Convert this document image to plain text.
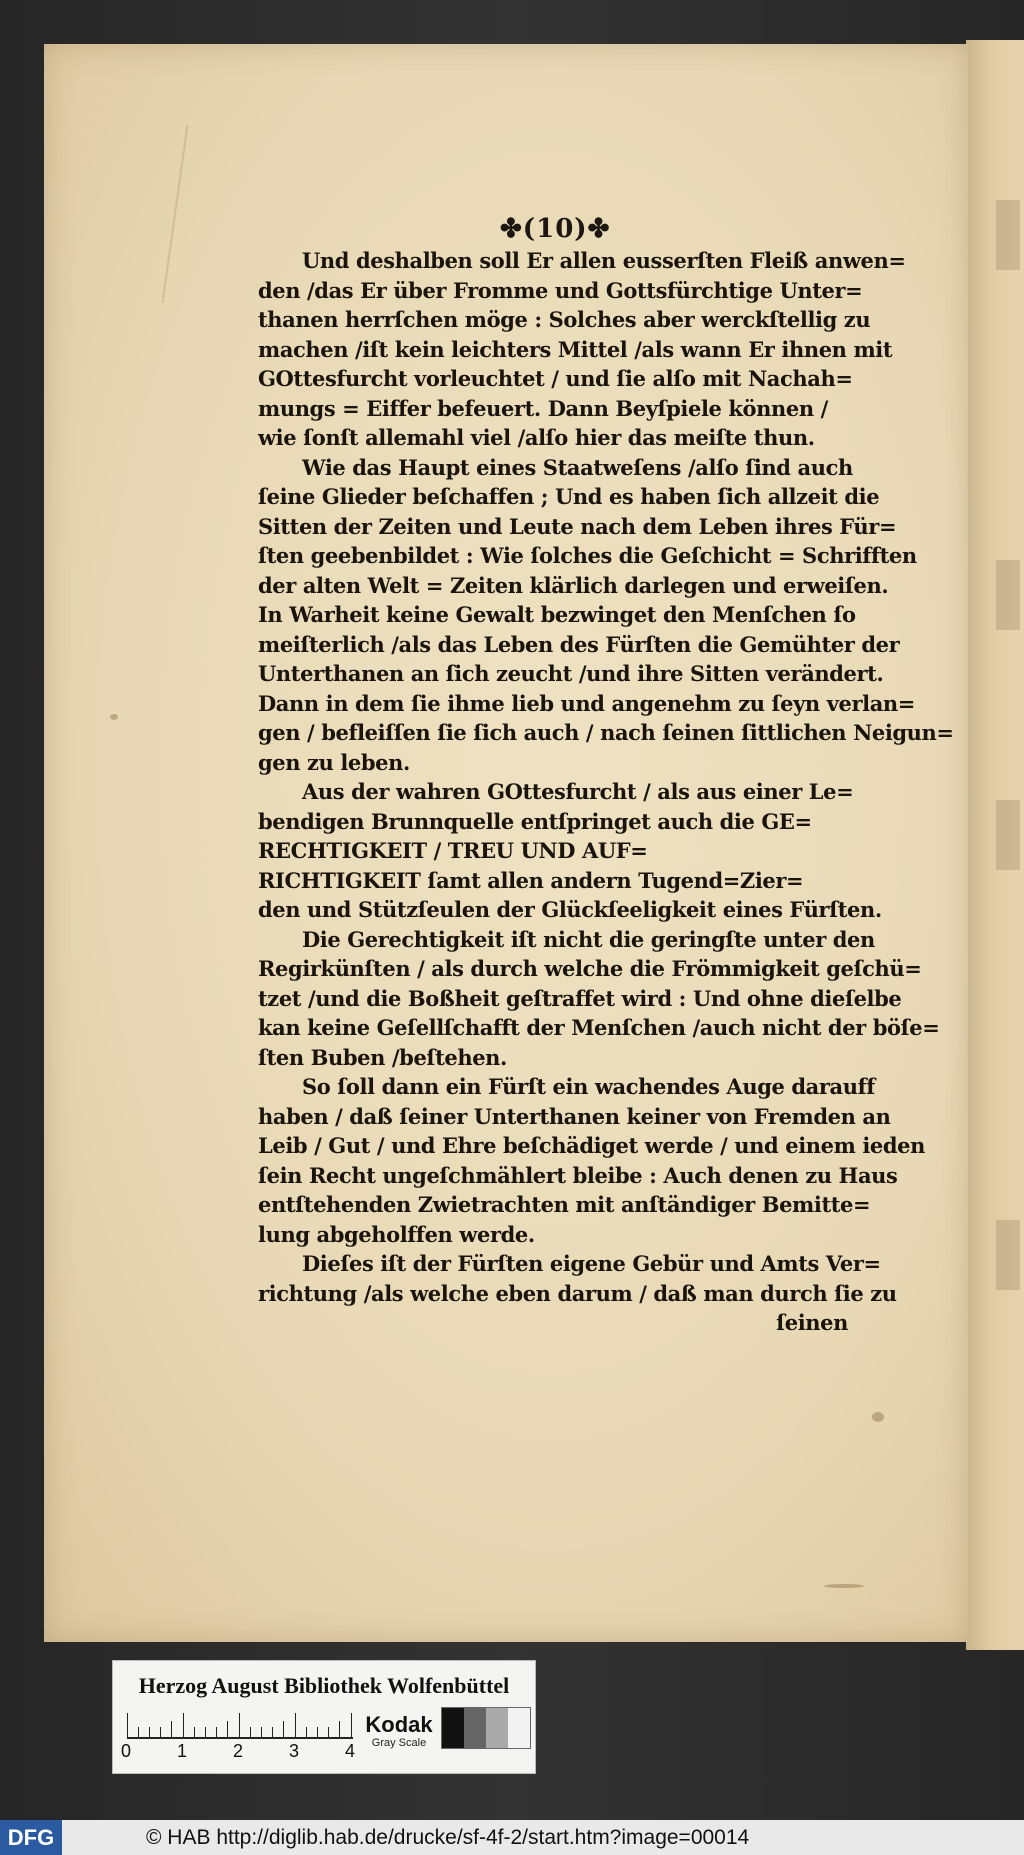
✤(10)✤
Und deshalben soll Er allen eusserſten Fleiß anwen=
den /das Er über Fromme und Gottsfürchtige Unter=
thanen herrſchen möge : Solches aber werckſtellig zu
machen /iſt kein leichters Mittel /als wann Er ihnen mit
GOttesfurcht vorleuchtet / und ſie alſo mit Nachah=
mungs = Eiffer befeuert. Dann Beyſpiele können /
wie ſonſt allemahl viel /alſo hier das meiſte thun.
Wie das Haupt eines Staatweſens /alſo ſind auch
ſeine Glieder beſchaffen ; Und es haben ſich allzeit die
Sitten der Zeiten und Leute nach dem Leben ihres Für=
ſten geebenbildet : Wie ſolches die Geſchicht = Schrifften
der alten Welt = Zeiten klärlich darlegen und erweiſen.
In Warheit keine Gewalt bezwinget den Menſchen ſo
meiſterlich /als das Leben des Fürſten die Gemühter der
Unterthanen an ſich zeucht /und ihre Sitten verändert.
Dann in dem ſie ihme lieb und angenehm zu ſeyn verlan=
gen / befleiſſen ſie ſich auch / nach ſeinen ſittlichen Neigun=
gen zu leben.
Aus der wahren GOttesfurcht / als aus einer Le=
bendigen Brunnquelle entſpringet auch die GE=
RECHTIGKEIT / TREU UND AUF=
RICHTIGKEIT ſamt allen andern Tugend=Zier=
den und Stützſeulen der Glückſeeligkeit eines Fürſten.
Die Gerechtigkeit iſt nicht die geringſte unter den
Regirkünſten / als durch welche die Frömmigkeit geſchü=
tzet /und die Boßheit geſtraffet wird : Und ohne dieſelbe
kan keine Geſellſchafft der Menſchen /auch nicht der böſe=
ſten Buben /beſtehen.
So ſoll dann ein Fürſt ein wachendes Auge darauff
haben / daß ſeiner Unterthanen keiner von Fremden an
Leib / Gut / und Ehre beſchädiget werde / und einem ieden
ſein Recht ungeſchmählert bleibe : Auch denen zu Haus
entſtehenden Zwietrachten mit anſtändiger Bemitte=
lung abgeholffen werde.
Dieſes iſt der Fürſten eigene Gebür und Amts Ver=
richtung /als welche eben darum / daß man durch ſie zu
ſeinen
Herzog August Bibliothek Wolfenbüttel
0	1	2	3	4
Kodak
Gray Scale
DFG	© HAB http://diglib.hab.de/drucke/sf-4f-2/start.htm?image=00014
